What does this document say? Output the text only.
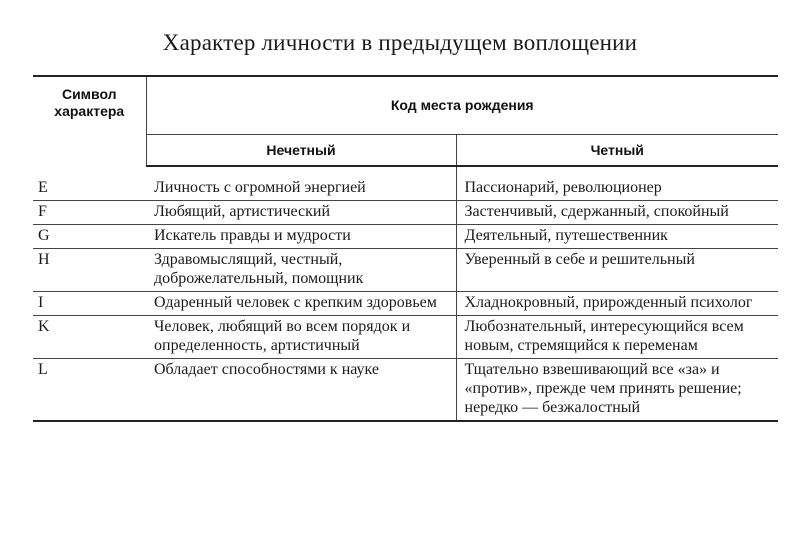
Характер личности в предыдущем воплощении
Символ
характера	Код места рождения	
	Нечетный	Четный

E	Личность с огромной энергией	Пассионарий, революционер
F	Любящий, артистический	Застенчивый, сдержанный, спокойный
G	Искатель правды и мудрости	Деятельный, путешественник
H	Здравомыслящий, честный, доброжелательный, помощник	Уверенный в себе и решительный
I	Одаренный человек с крепким здоровьем	Хладнокровный, прирожденный психолог
K	Человек, любящий во всем порядок и определенность, артистичный	Любознательный, интересующийся всем новым, стремящийся к переменам
L	Обладает способностями к науке	Тщательно взвешивающий все «за» и «против», прежде чем принять решение; нередко — безжалостный
